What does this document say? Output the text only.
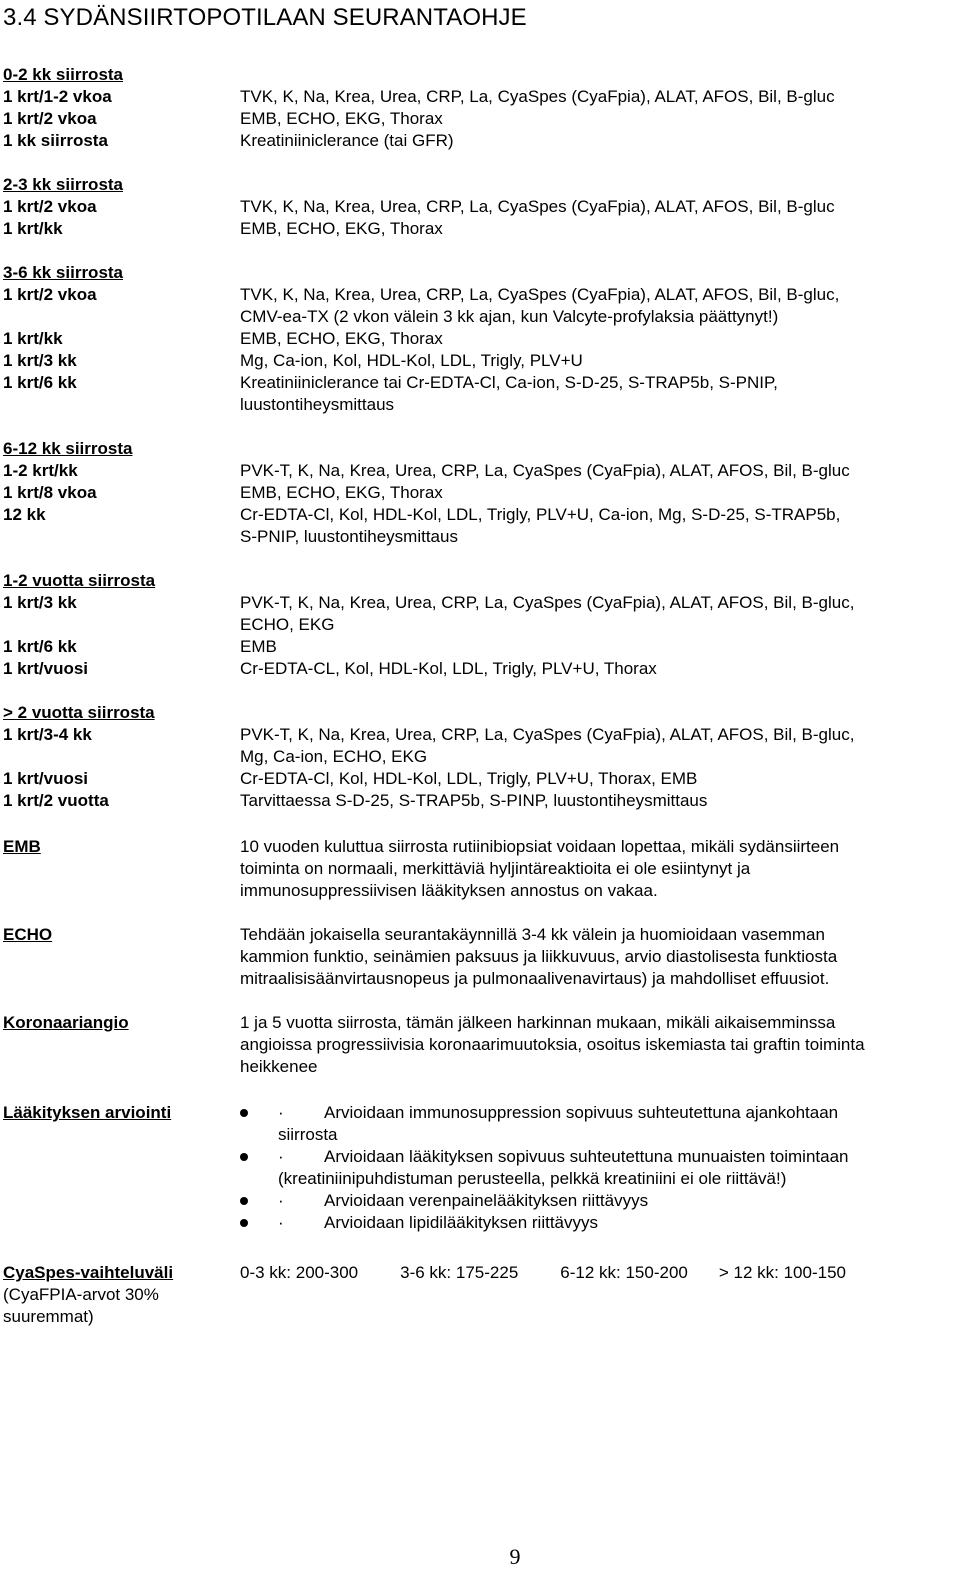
3.4 SYDÄNSIIRTOPOTILAAN SEURANTAOHJE
0-2 kk siirrosta
1 krt/1-2 vkoa	TVK, K, Na, Krea, Urea, CRP, La, CyaSpes (CyaFpia), ALAT, AFOS, Bil, B-gluc
1 krt/2 vkoa	EMB, ECHO, EKG, Thorax
1 kk siirrosta	Kreatiniiniclerance (tai GFR)
2-3 kk siirrosta
1 krt/2 vkoa	TVK, K, Na, Krea, Urea, CRP, La, CyaSpes (CyaFpia), ALAT, AFOS, Bil, B-gluc
1 krt/kk	EMB, ECHO, EKG, Thorax
3-6 kk siirrosta
1 krt/2 vkoa	TVK, K, Na, Krea, Urea, CRP, La, CyaSpes (CyaFpia), ALAT, AFOS, Bil, B-gluc,
CMV-ea-TX (2 vkon välein 3 kk ajan, kun Valcyte-profylaksia päättynyt!)
1 krt/kk	EMB, ECHO, EKG, Thorax
1 krt/3 kk	Mg, Ca-ion, Kol, HDL-Kol, LDL, Trigly, PLV+U
1 krt/6 kk	Kreatiniiniclerance tai Cr-EDTA-Cl, Ca-ion, S-D-25, S-TRAP5b, S-PNIP,
luustontiheysmittaus
6-12 kk siirrosta
1-2 krt/kk	PVK-T, K, Na, Krea, Urea, CRP, La, CyaSpes (CyaFpia), ALAT, AFOS, Bil, B-gluc
1 krt/8 vkoa	EMB, ECHO, EKG, Thorax
12 kk	Cr-EDTA-Cl, Kol, HDL-Kol, LDL, Trigly, PLV+U, Ca-ion, Mg, S-D-25, S-TRAP5b,
S-PNIP, luustontiheysmittaus
1-2 vuotta siirrosta
1 krt/3 kk	PVK-T, K, Na, Krea, Urea, CRP, La, CyaSpes (CyaFpia), ALAT, AFOS, Bil, B-gluc,
ECHO, EKG
1 krt/6 kk	EMB
1 krt/vuosi	Cr-EDTA-CL, Kol, HDL-Kol, LDL, Trigly, PLV+U, Thorax
> 2 vuotta siirrosta
1 krt/3-4 kk	PVK-T, K, Na, Krea, Urea, CRP, La, CyaSpes (CyaFpia), ALAT, AFOS, Bil, B-gluc,
Mg, Ca-ion, ECHO, EKG
1 krt/vuosi	Cr-EDTA-Cl, Kol, HDL-Kol, LDL, Trigly, PLV+U, Thorax, EMB
1 krt/2 vuotta	Tarvittaessa S-D-25, S-TRAP5b, S-PINP, luustontiheysmittaus
EMB	10 vuoden kuluttua siirrosta rutiinibiopsiat voidaan lopettaa, mikäli sydänsiirteen
toiminta on normaali, merkittäviä hyljintäreaktioita ei ole esiintynyt ja
immunosuppressiivisen lääkityksen annostus on vakaa.
ECHO	Tehdään jokaisella seurantakäynnillä 3-4 kk välein ja huomioidaan vasemman
kammion funktio, seinämien paksuus ja liikkuvuus, arvio diastolisesta funktiosta
mitraalisisäänvirtausnopeus ja pulmonaalivenavirtaus) ja mahdolliset effuusiot.
Koronaariangio	1 ja 5 vuotta siirrosta, tämän jälkeen harkinnan mukaan, mikäli aikaisemminssa
angioissa progressiivisia koronaarimuutoksia, osoitus iskemiasta tai graftin toiminta
heikkenee
Lääkityksen arviointi	· Arvioidaan immunosuppression sopivuus suhteutettuna ajankohtaan
siirrosta
· Arvioidaan lääkityksen sopivuus suhteutettuna munuaisten toimintaan
(kreatiniinipuhdistuman perusteella, pelkkä kreatiniini ei ole riittävä!)
· Arvioidaan verenpainelääkityksen riittävyys
· Arvioidaan lipidilääkityksen riittävyys
CyaSpes-vaihteluväli
(CyaFPIA-arvot 30%
suuremmat)
0-3 kk: 200-300 3-6 kk: 175-225 6-12 kk: 150-200 > 12 kk: 100-150
9
